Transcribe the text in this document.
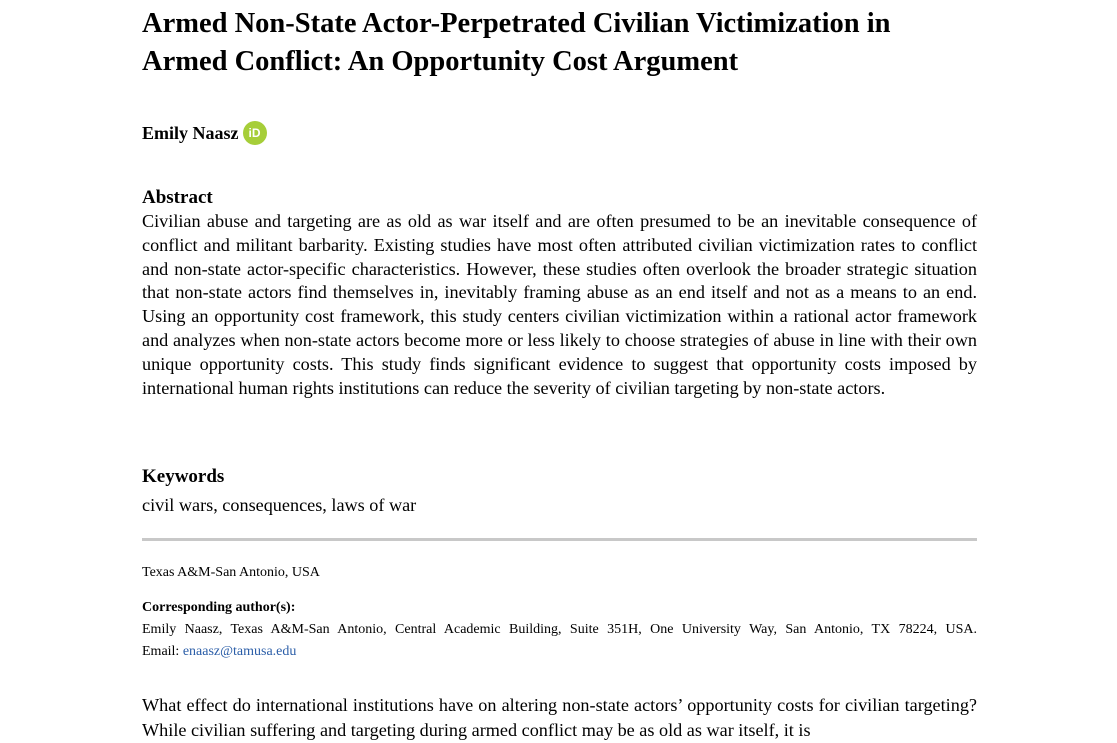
Armed Non-State Actor-Perpetrated Civilian Victimization in Armed Conflict: An Opportunity Cost Argument
Emily Naasz iD
Abstract

Civilian abuse and targeting are as old as war itself and are often presumed to be an inevitable consequence of conflict and militant barbarity. Existing studies have most often attributed civilian victimization rates to conflict and non-state actor-specific characteristics. However, these studies often overlook the broader strategic situation that non-state actors find themselves in, inevitably framing abuse as an end itself and not as a means to an end. Using an opportunity cost framework, this study centers civilian victimization within a rational actor framework and analyzes when non-state actors become more or less likely to choose strategies of abuse in line with their own unique opportunity costs. This study finds significant evidence to suggest that opportunity costs imposed by international human rights institutions can reduce the severity of civilian targeting by non-state actors.

Keywords
civil wars, consequences, laws of war
Texas A&M-San Antonio, USA
Corresponding author(s):
Emily Naasz, Texas A&M-San Antonio, Central Academic Building, Suite 351H, One University Way, San Antonio, TX 78224, USA.
Email: enaasz@tamusa.edu

What effect do international institutions have on altering non-state actors’ opportunity costs for civilian targeting? While civilian suffering and targeting during armed conflict may be as old as war itself, it is
